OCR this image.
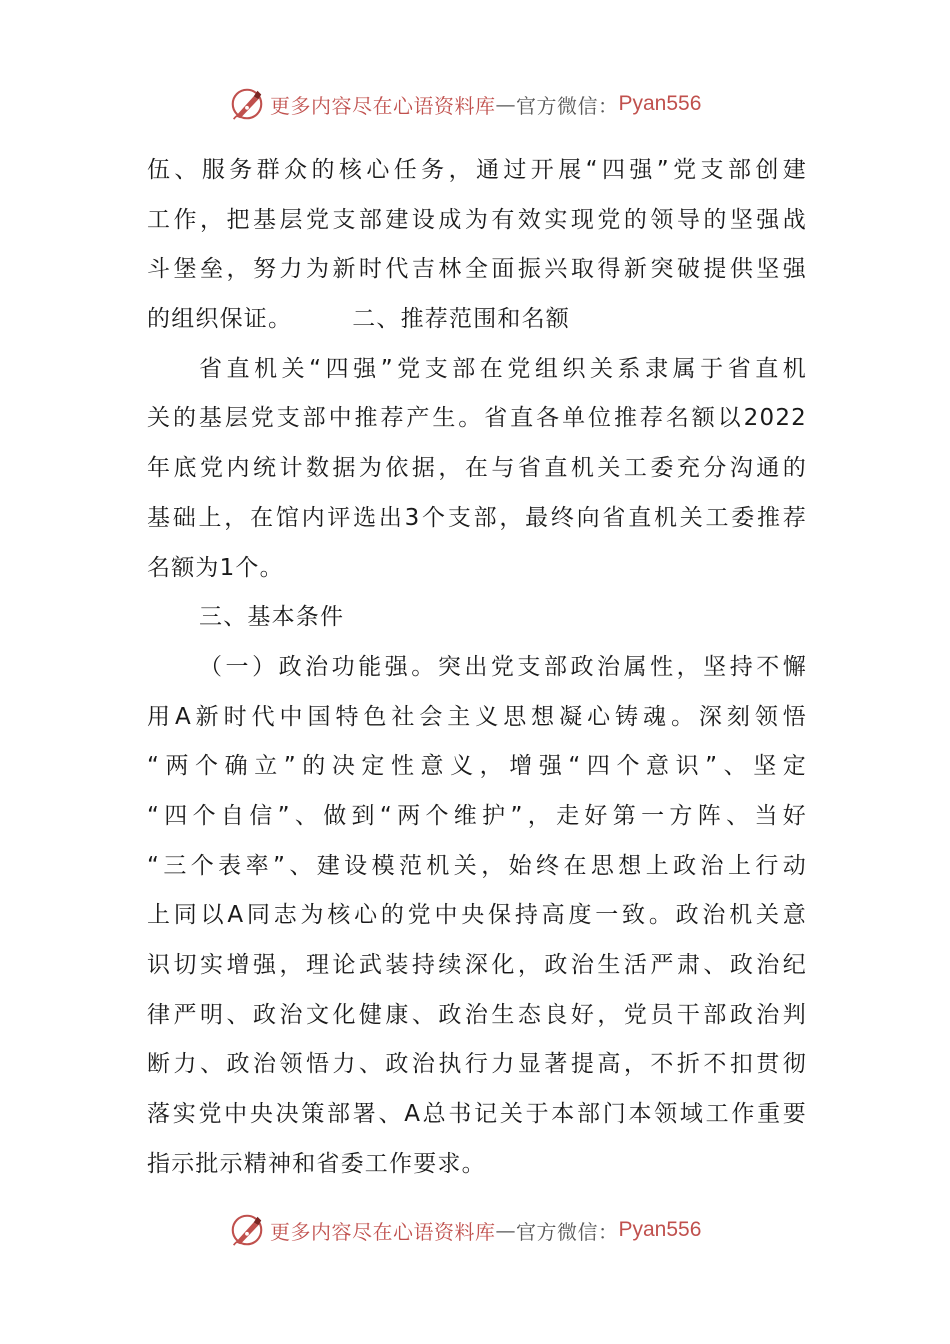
更多内容尽在心语资料库 — 官方微信： Pyan556
伍、服务群众的核心任务，通过开展“四强”党支部创建
工作，把基层党支部建设成为有效实现党的领导的坚强战
斗堡垒，努力为新时代吉林全面振兴取得新突破提供坚强
的组织保证。	二、推荐范围和名额
省直机关“四强”党支部在党组织关系隶属于省直机
关的基层党支部中推荐产生。省直各单位推荐名额以2022
年底党内统计数据为依据，在与省直机关工委充分沟通的
基础上，在馆内评选出3个支部，最终向省直机关工委推荐
名额为1个。
三、基本条件
（一）政治功能强。突出党支部政治属性，坚持不懈
用A新时代中国特色社会主义思想凝心铸魂。深刻领悟
“两个确立”的决定性意义，增强“四个意识”、坚定
“四个自信”、做到“两个维护”，走好第一方阵、当好
“三个表率”、建设模范机关，始终在思想上政治上行动
上同以A同志为核心的党中央保持高度一致。政治机关意
识切实增强，理论武装持续深化，政治生活严肃、政治纪
律严明、政治文化健康、政治生态良好，党员干部政治判
断力、政治领悟力、政治执行力显著提高，不折不扣贯彻
落实党中央决策部署、A总书记关于本部门本领域工作重要
指示批示精神和省委工作要求。
更多内容尽在心语资料库 — 官方微信： Pyan556
